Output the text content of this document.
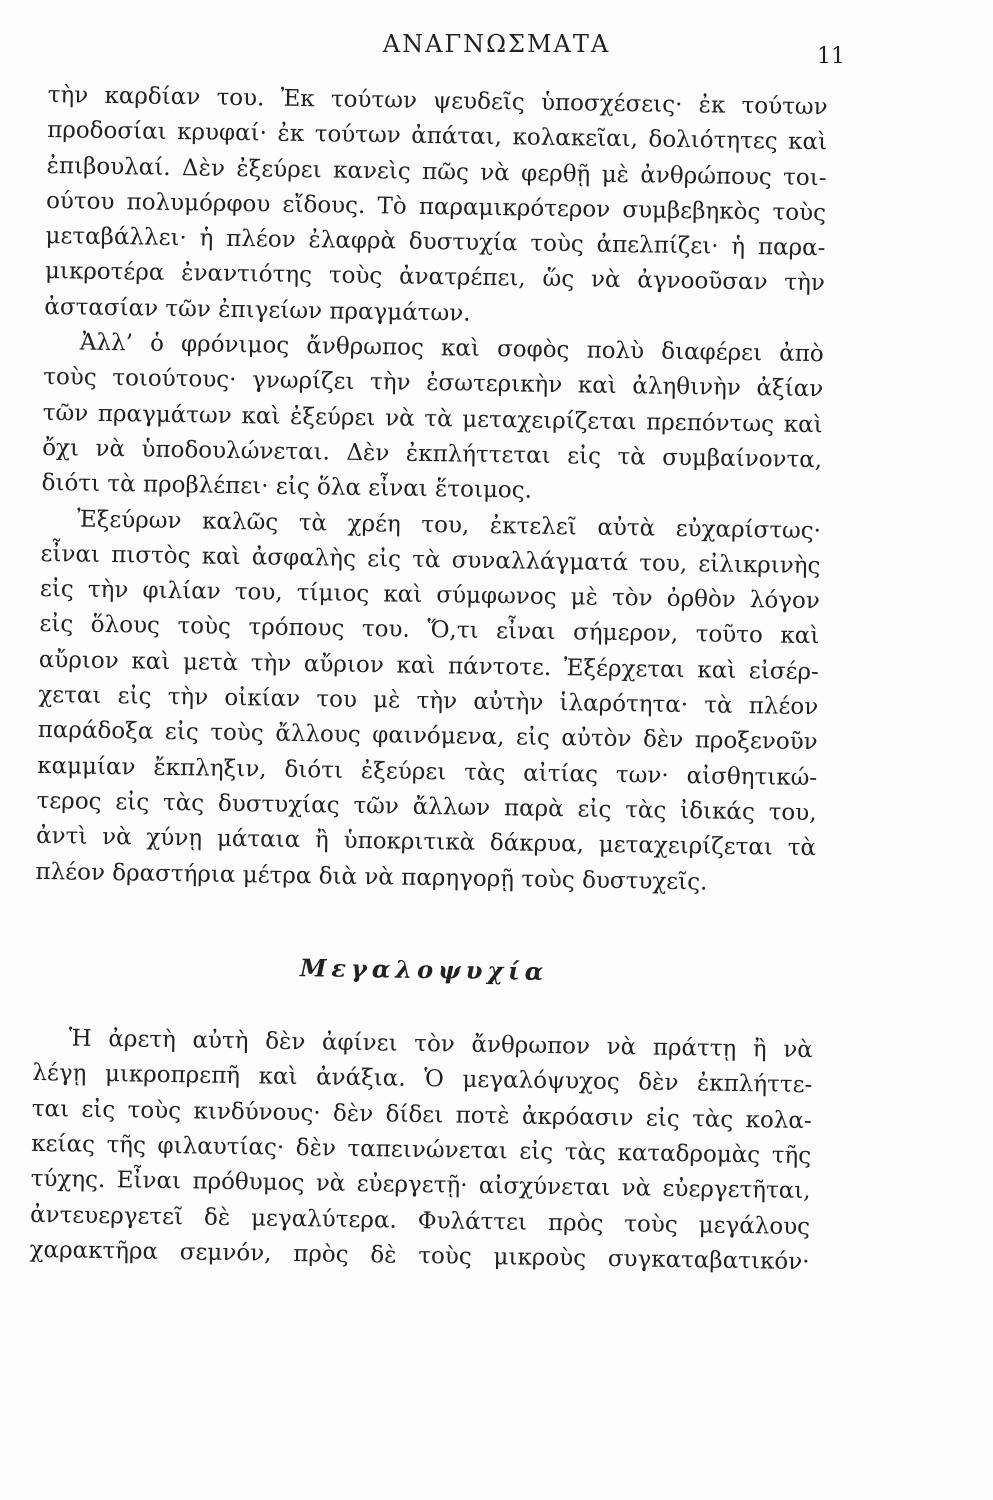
ΑΝΑΓΝΩΣΜΑΤΑ	11
τὴν καρδίαν του. Ἐκ τούτων ψευδεῖς ὑποσχέσεις· ἐκ τούτων
προδοσίαι κρυφαί· ἐκ τούτων ἀπάται, κολακεῖαι, δολιότητες καὶ
ἐπιβουλαί. Δὲν ἐξεύρει κανεὶς πῶς νὰ φερθῇ μὲ ἀνθρώπους τοι-
ούτου πολυμόρφου εἴδους. Τὸ παραμικρότερον συμβεβηκὸς τοὺς
μεταβάλλει· ἡ πλέον ἐλαφρὰ δυστυχία τοὺς ἀπελπίζει· ἡ παρα-
μικροτέρα ἐναντιότης τοὺς ἀνατρέπει, ὥς νὰ ἀγνοοῦσαν τὴν
ἀστασίαν τῶν ἐπιγείων πραγμάτων.
Ἀλλ’ ὁ φρόνιμος ἄνθρωπος καὶ σοφὸς πολὺ διαφέρει ἀπὸ
τοὺς τοιούτους· γνωρίζει τὴν ἐσωτερικὴν καὶ ἀληθινὴν ἀξίαν
τῶν πραγμάτων καὶ ἐξεύρει νὰ τὰ μεταχειρίζεται πρεπόντως καὶ
ὄχι νὰ ὑποδουλώνεται. Δὲν ἐκπλήττεται εἰς τὰ συμβαίνοντα,
διότι τὰ προβλέπει· εἰς ὅλα εἶναι ἕτοιμος.
Ἐξεύρων καλῶς τὰ χρέη του, ἐκτελεῖ αὐτὰ εὐχαρίστως·
εἶναι πιστὸς καὶ ἀσφαλὴς εἰς τὰ συναλλάγματά του, εἰλικρινὴς
εἰς τὴν φιλίαν του, τίμιος καὶ σύμφωνος μὲ τὸν ὀρθὸν λόγον
εἰς ὅλους τοὺς τρόπους του. Ὅ,τι εἶναι σήμερον, τοῦτο καὶ
αὔριον καὶ μετὰ τὴν αὔριον καὶ πάντοτε. Ἐξέρχεται καὶ εἰσέρ-
χεται εἰς τὴν οἰκίαν του μὲ τὴν αὐτὴν ἱλαρότητα· τὰ πλέον
παράδοξα εἰς τοὺς ἄλλους φαινόμενα, εἰς αὐτὸν δὲν προξενοῦν
καμμίαν ἔκπληξιν, διότι ἐξεύρει τὰς αἰτίας των· αἰσθητικώ-
τερος εἰς τὰς δυστυχίας τῶν ἄλλων παρὰ εἰς τὰς ἰδικάς του,
ἀντὶ νὰ χύνῃ μάταια ἢ ὑποκριτικὰ δάκρυα, μεταχειρίζεται τὰ
πλέον δραστήρια μέτρα διὰ νὰ παρηγορῇ τοὺς δυστυχεῖς.
Μεγαλοψυχία
Ἡ ἀρετὴ αὐτὴ δὲν ἀφίνει τὸν ἄνθρωπον νὰ πράττῃ ἢ νὰ
λέγῃ μικροπρεπῆ καὶ ἀνάξια. Ὁ μεγαλόψυχος δὲν ἐκπλήττε-
ται εἰς τοὺς κινδύνους· δὲν δίδει ποτὲ ἀκρόασιν εἰς τὰς κολα-
κείας τῆς φιλαυτίας· δὲν ταπεινώνεται εἰς τὰς καταδρομὰς τῆς
τύχης. Εἶναι πρόθυμος νὰ εὐεργετῇ· αἰσχύνεται νὰ εὐεργετῆται,
ἀντευεργετεῖ δὲ μεγαλύτερα. Φυλάττει πρὸς τοὺς μεγάλους
χαρακτῆρα σεμνόν, πρὸς δὲ τοὺς μικροὺς συγκαταβατικόν·
